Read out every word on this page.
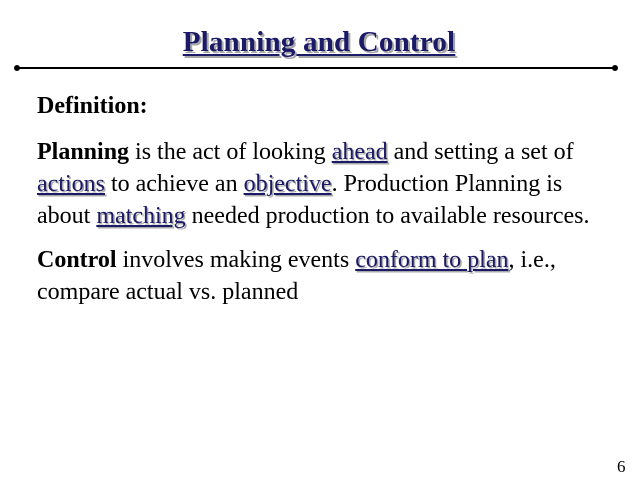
Planning and Control
Definition:
Planning is the act of looking ahead and setting a set of actions to achieve an objective. Production Planning is about matching needed production to available resources.
Control involves making events conform to plan, i.e., compare actual vs. planned
6
